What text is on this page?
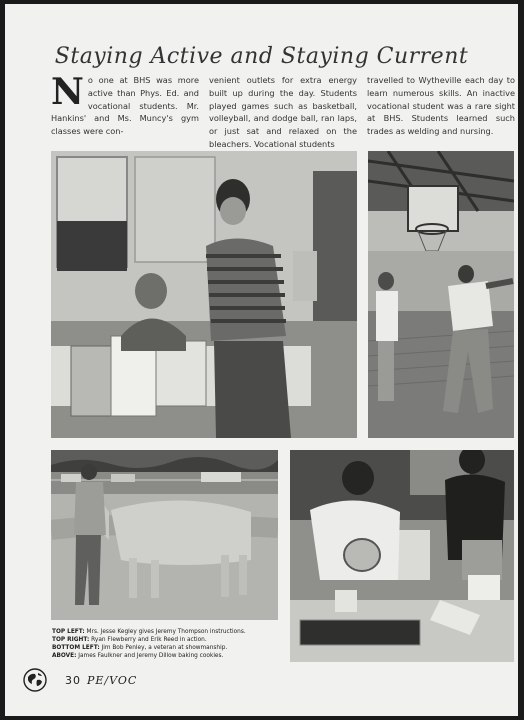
Staying Active and Staying Current
N o one at BHS was more active than Phys. Ed. and vocational students. Mr. Hankins' and Ms. Muncy's gym classes were con-
venient outlets for extra energy built up during the day. Students played games such as basketball, volleyball, and dodge ball, ran laps, or just sat and relaxed on the bleachers. Vocational students
travelled to Wytheville each day to learn numerous skills. An inactive vocational student was a rare sight at BHS. Students learned such trades as welding and nursing.
TOP LEFT: Mrs. Jesse Kegley gives Jeremy Thompson instructions.
TOP RIGHT: Ryan Flewberry and Erik Reed in action.
BOTTOM LEFT: Jim Bob Penley, a veteran at showmanship.
ABOVE: James Faulkner and Jeremy Dillow baking cookies.
30 PE/VOC
